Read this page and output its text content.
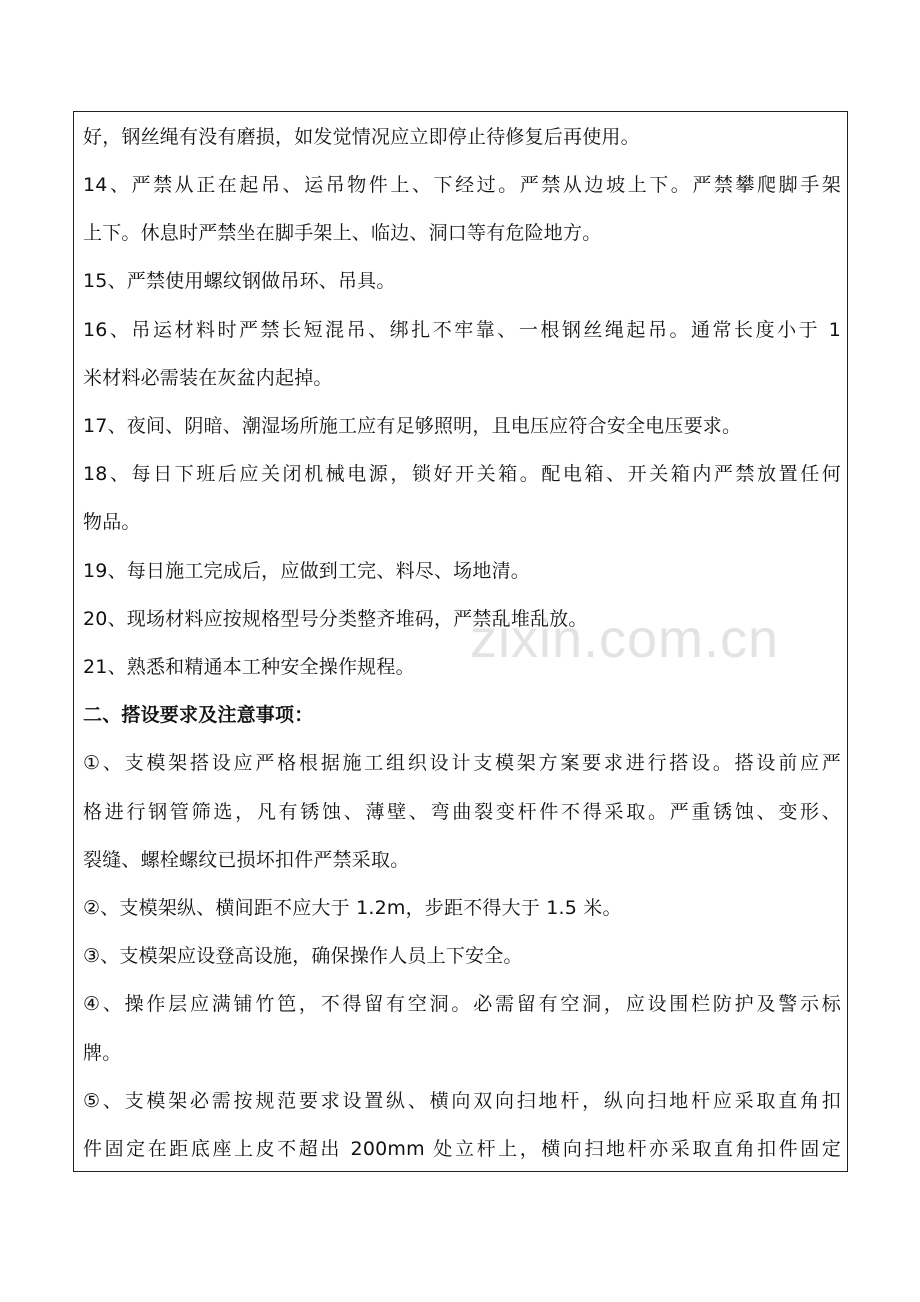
zixin.com.cn
好，钢丝绳有没有磨损，如发觉情况应立即停止待修复后再使用。
14、严禁从正在起吊、运吊物件上、下经过。严禁从边坡上下。严禁攀爬脚手架
上下。休息时严禁坐在脚手架上、临边、洞口等有危险地方。
15、严禁使用螺纹钢做吊环、吊具。
16、吊运材料时严禁长短混吊、绑扎不牢靠、一根钢丝绳起吊。通常长度小于 1
米材料必需装在灰盆内起掉。
17、夜间、阴暗、潮湿场所施工应有足够照明，且电压应符合安全电压要求。
18、每日下班后应关闭机械电源，锁好开关箱。配电箱、开关箱内严禁放置任何
物品。
19、每日施工完成后，应做到工完、料尽、场地清。
20、现场材料应按规格型号分类整齐堆码，严禁乱堆乱放。
21、熟悉和精通本工种安全操作规程。
二、搭设要求及注意事项：
①、支模架搭设应严格根据施工组织设计支模架方案要求进行搭设。搭设前应严
格进行钢管筛选，凡有锈蚀、薄壁、弯曲裂变杆件不得采取。严重锈蚀、变形、
裂缝、螺栓螺纹已损坏扣件严禁采取。
②、支模架纵、横间距不应大于 1.2m，步距不得大于 1.5 米。
③、支模架应设登高设施，确保操作人员上下安全。
④、操作层应满铺竹笆，不得留有空洞。必需留有空洞，应设围栏防护及警示标
牌。
⑤、支模架必需按规范要求设置纵、横向双向扫地杆，纵向扫地杆应采取直角扣
件固定在距底座上皮不超出 200mm 处立杆上，横向扫地杆亦采取直角扣件固定
